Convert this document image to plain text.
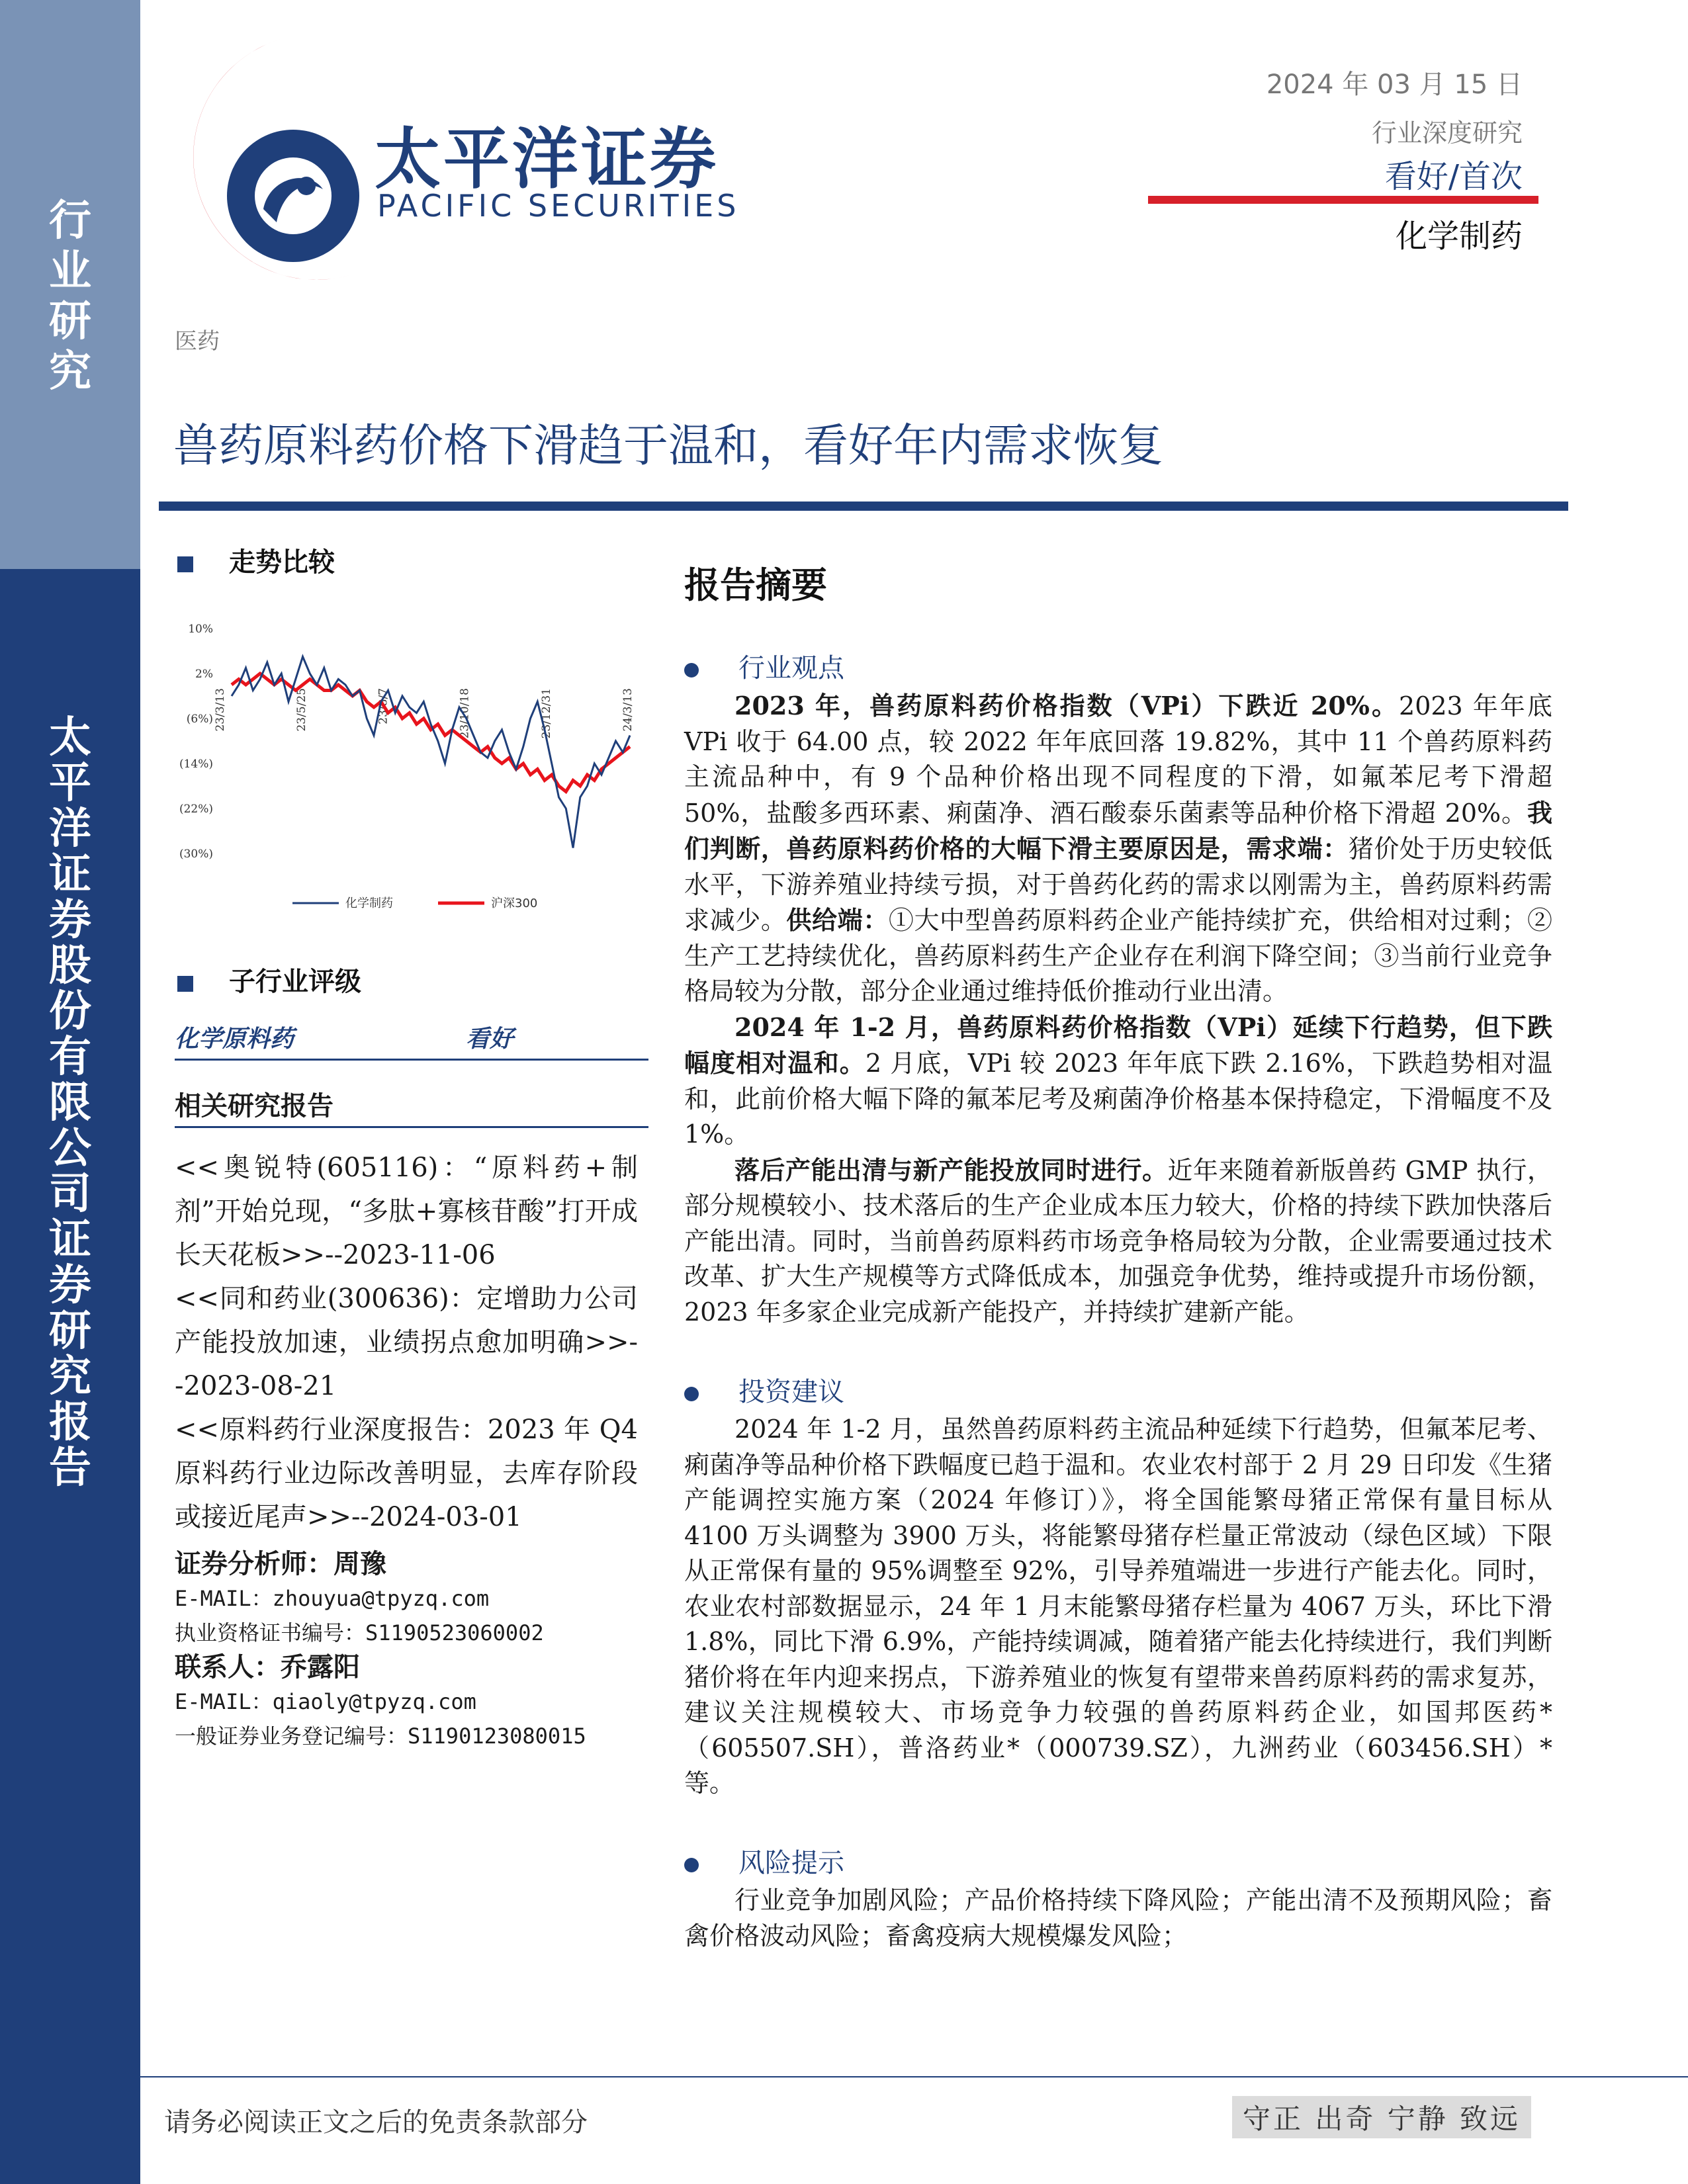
行
业
研
究
太
平
洋
证
券
股
份
有
限
公
司
证
券
研
究
报
告
太平洋证券
PACIFIC SECURITIES
2024 年 03 月 15 日
行业深度研究
看好/首次
化学制药
医药
兽药原料药价格下滑趋于温和，看好年内需求恢复
走势比较
10%
2%
(6%)
(14%)
(22%)
(30%)
23/3/13	23/5/25	23/8/7	23/10/18	23/12/31	24/3/13
化学制药	沪深300
子行业评级
化学原料药	看好
相关研究报告

<<奥锐特(605116)：“原料药+制剂”开始兑现，“多肽+寡核苷酸”打开成长天花板>>--2023-11-06

<<同和药业(300636)：定增助力公司产能投放加速，业绩拐点愈加明确>>--2023-08-21

<<原料药行业深度报告：2023 年 Q4 原料药行业边际改善明显，去库存阶段或接近尾声>>--2024-03-01

证券分析师：周豫
E-MAIL：zhouyua@tpyzq.com
执业资格证书编号：S1190523060002
联系人：乔露阳
E-MAIL：qiaoly@tpyzq.com
一般证券业务登记编号：S1190123080015
报告摘要
行业观点

2023 年，兽药原料药价格指数（VPi）下跌近 20%。2023 年年底 VPi 收于 64.00 点，较 2022 年年底回落 19.82%，其中 11 个兽药原料药主流品种中，有 9 个品种价格出现不同程度的下滑，如氟苯尼考下滑超 50%，盐酸多西环素、痢菌净、酒石酸泰乐菌素等品种价格下滑超 20%。我们判断，兽药原料药价格的大幅下滑主要原因是，需求端：猪价处于历史较低水平，下游养殖业持续亏损，对于兽药化药的需求以刚需为主，兽药原料药需求减少。供给端：①大中型兽药原料药企业产能持续扩充，供给相对过剩；②生产工艺持续优化，兽药原料药生产企业存在利润下降空间；③当前行业竞争格局较为分散，部分企业通过维持低价推动行业出清。

2024 年 1-2 月，兽药原料药价格指数（VPi）延续下行趋势，但下跌幅度相对温和。2 月底，VPi 较 2023 年年底下跌 2.16%，下跌趋势相对温和，此前价格大幅下降的氟苯尼考及痢菌净价格基本保持稳定，下滑幅度不及 1%。

落后产能出清与新产能投放同时进行。近年来随着新版兽药 GMP 执行，部分规模较小、技术落后的生产企业成本压力较大，价格的持续下跌加快落后产能出清。同时，当前兽药原料药市场竞争格局较为分散，企业需要通过技术改革、扩大生产规模等方式降低成本，加强竞争优势，维持或提升市场份额，2023 年多家企业完成新产能投产，并持续扩建新产能。

投资建议

2024 年 1-2 月，虽然兽药原料药主流品种延续下行趋势，但氟苯尼考、痢菌净等品种价格下跌幅度已趋于温和。农业农村部于 2 月 29 日印发《生猪产能调控实施方案（2024 年修订）》，将全国能繁母猪正常保有量目标从 4100 万头调整为 3900 万头，将能繁母猪存栏量正常波动（绿色区域）下限从正常保有量的 95%调整至 92%，引导养殖端进一步进行产能去化。同时，农业农村部数据显示，24 年 1 月末能繁母猪存栏量为 4067 万头，环比下滑 1.8%，同比下滑 6.9%，产能持续调减，随着猪产能去化持续进行，我们判断猪价将在年内迎来拐点，下游养殖业的恢复有望带来兽药原料药的需求复苏，建议关注规模较大、市场竞争力较强的兽药原料药企业，如国邦医药*（605507.SH），普洛药业*（000739.SZ），九洲药业（603456.SH）*等。

风险提示

行业竞争加剧风险；产品价格持续下降风险；产能出清不及预期风险；畜禽价格波动风险；畜禽疫病大规模爆发风险；

请务必阅读正文之后的免责条款部分	守正 出奇 宁静 致远
